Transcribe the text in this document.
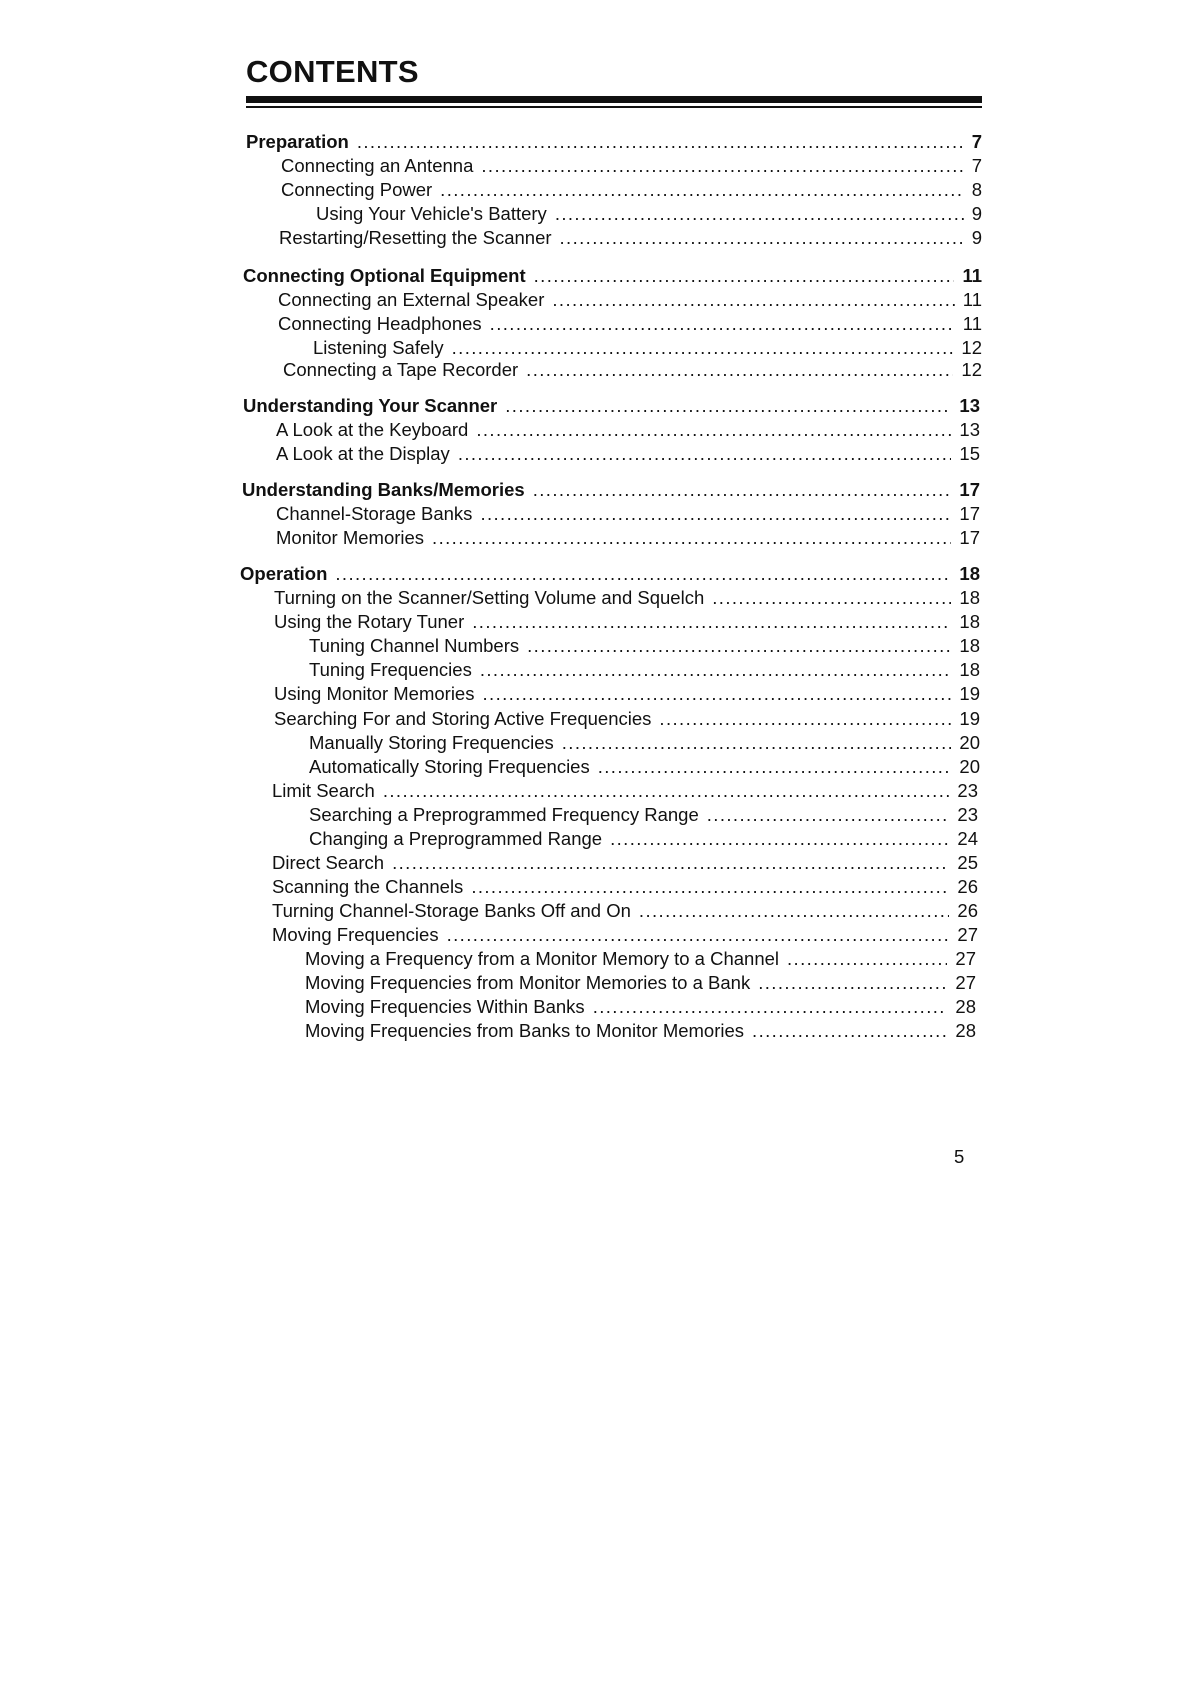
CONTENTS
Preparation .....	7
Connecting an Antenna .....	7
Connecting Power .....	8
Using Your Vehicle's Battery .....	9
Restarting/Resetting the Scanner .....	9
Connecting Optional Equipment .....	11
Connecting an External Speaker .....	11
Connecting Headphones .....	11
Listening Safely .....	12
Connecting a Tape Recorder .....	12
Understanding Your Scanner .....	13
A Look at the Keyboard .....	13
A Look at the Display .....	15
Understanding Banks/Memories .....	17
Channel-Storage Banks .....	17
Monitor Memories .....	17
Operation .....	18
Turning on the Scanner/Setting Volume and Squelch .....	18
Using the Rotary Tuner .....	18
Tuning Channel Numbers .....	18
Tuning Frequencies .....	18
Using Monitor Memories .....	19
Searching For and Storing Active Frequencies .....	19
Manually Storing Frequencies .....	20
Automatically Storing Frequencies .....	20
Limit Search .....	23
Searching a Preprogrammed Frequency Range .....	23
Changing a Preprogrammed Range .....	24
Direct Search .....	25
Scanning the Channels .....	26
Turning Channel-Storage Banks Off and On .....	26
Moving Frequencies .....	27
Moving a Frequency from a Monitor Memory to a Channel .....	27
Moving Frequencies from Monitor Memories to a Bank .....	27
Moving Frequencies Within Banks .....	28
Moving Frequencies from Banks to Monitor Memories .....	28
5
